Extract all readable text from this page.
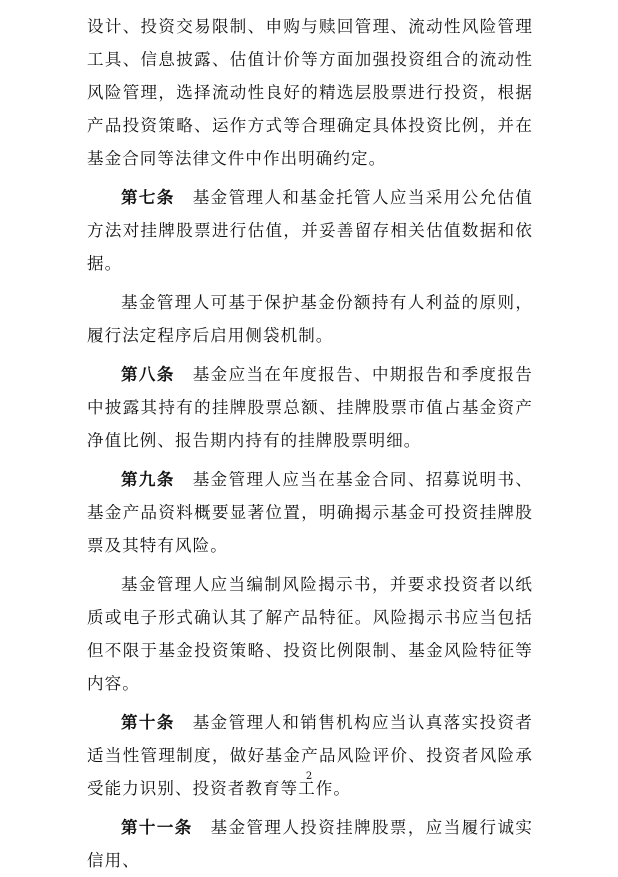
设计、投资交易限制、申购与赎回管理、流动性风险管理工具、信息披露、估值计价等方面加强投资组合的流动性风险管理，选择流动性良好的精选层股票进行投资，根据产品投资策略、运作方式等合理确定具体投资比例，并在基金合同等法律文件中作出明确约定。

第七条　 基金管理人和基金托管人应当采用公允估值方法对挂牌股票进行估值，并妥善留存相关估值数据和依据。

基金管理人可基于保护基金份额持有人利益的原则，履行法定程序后启用侧袋机制。

第八条　 基金应当在年度报告、中期报告和季度报告中披露其持有的挂牌股票总额、挂牌股票市值占基金资产净值比例、报告期内持有的挂牌股票明细。

第九条　 基金管理人应当在基金合同、招募说明书、基金产品资料概要显著位置，明确揭示基金可投资挂牌股票及其特有风险。

基金管理人应当编制风险揭示书，并要求投资者以纸质或电子形式确认其了解产品特征。风险揭示书应当包括但不限于基金投资策略、投资比例限制、基金风险特征等内容。

第十条　 基金管理人和销售机构应当认真落实投资者适当性管理制度，做好基金产品风险评价、投资者风险承受能力识别、投资者教育等工作。

第十一条　 基金管理人投资挂牌股票，应当履行诚实信用、

2
